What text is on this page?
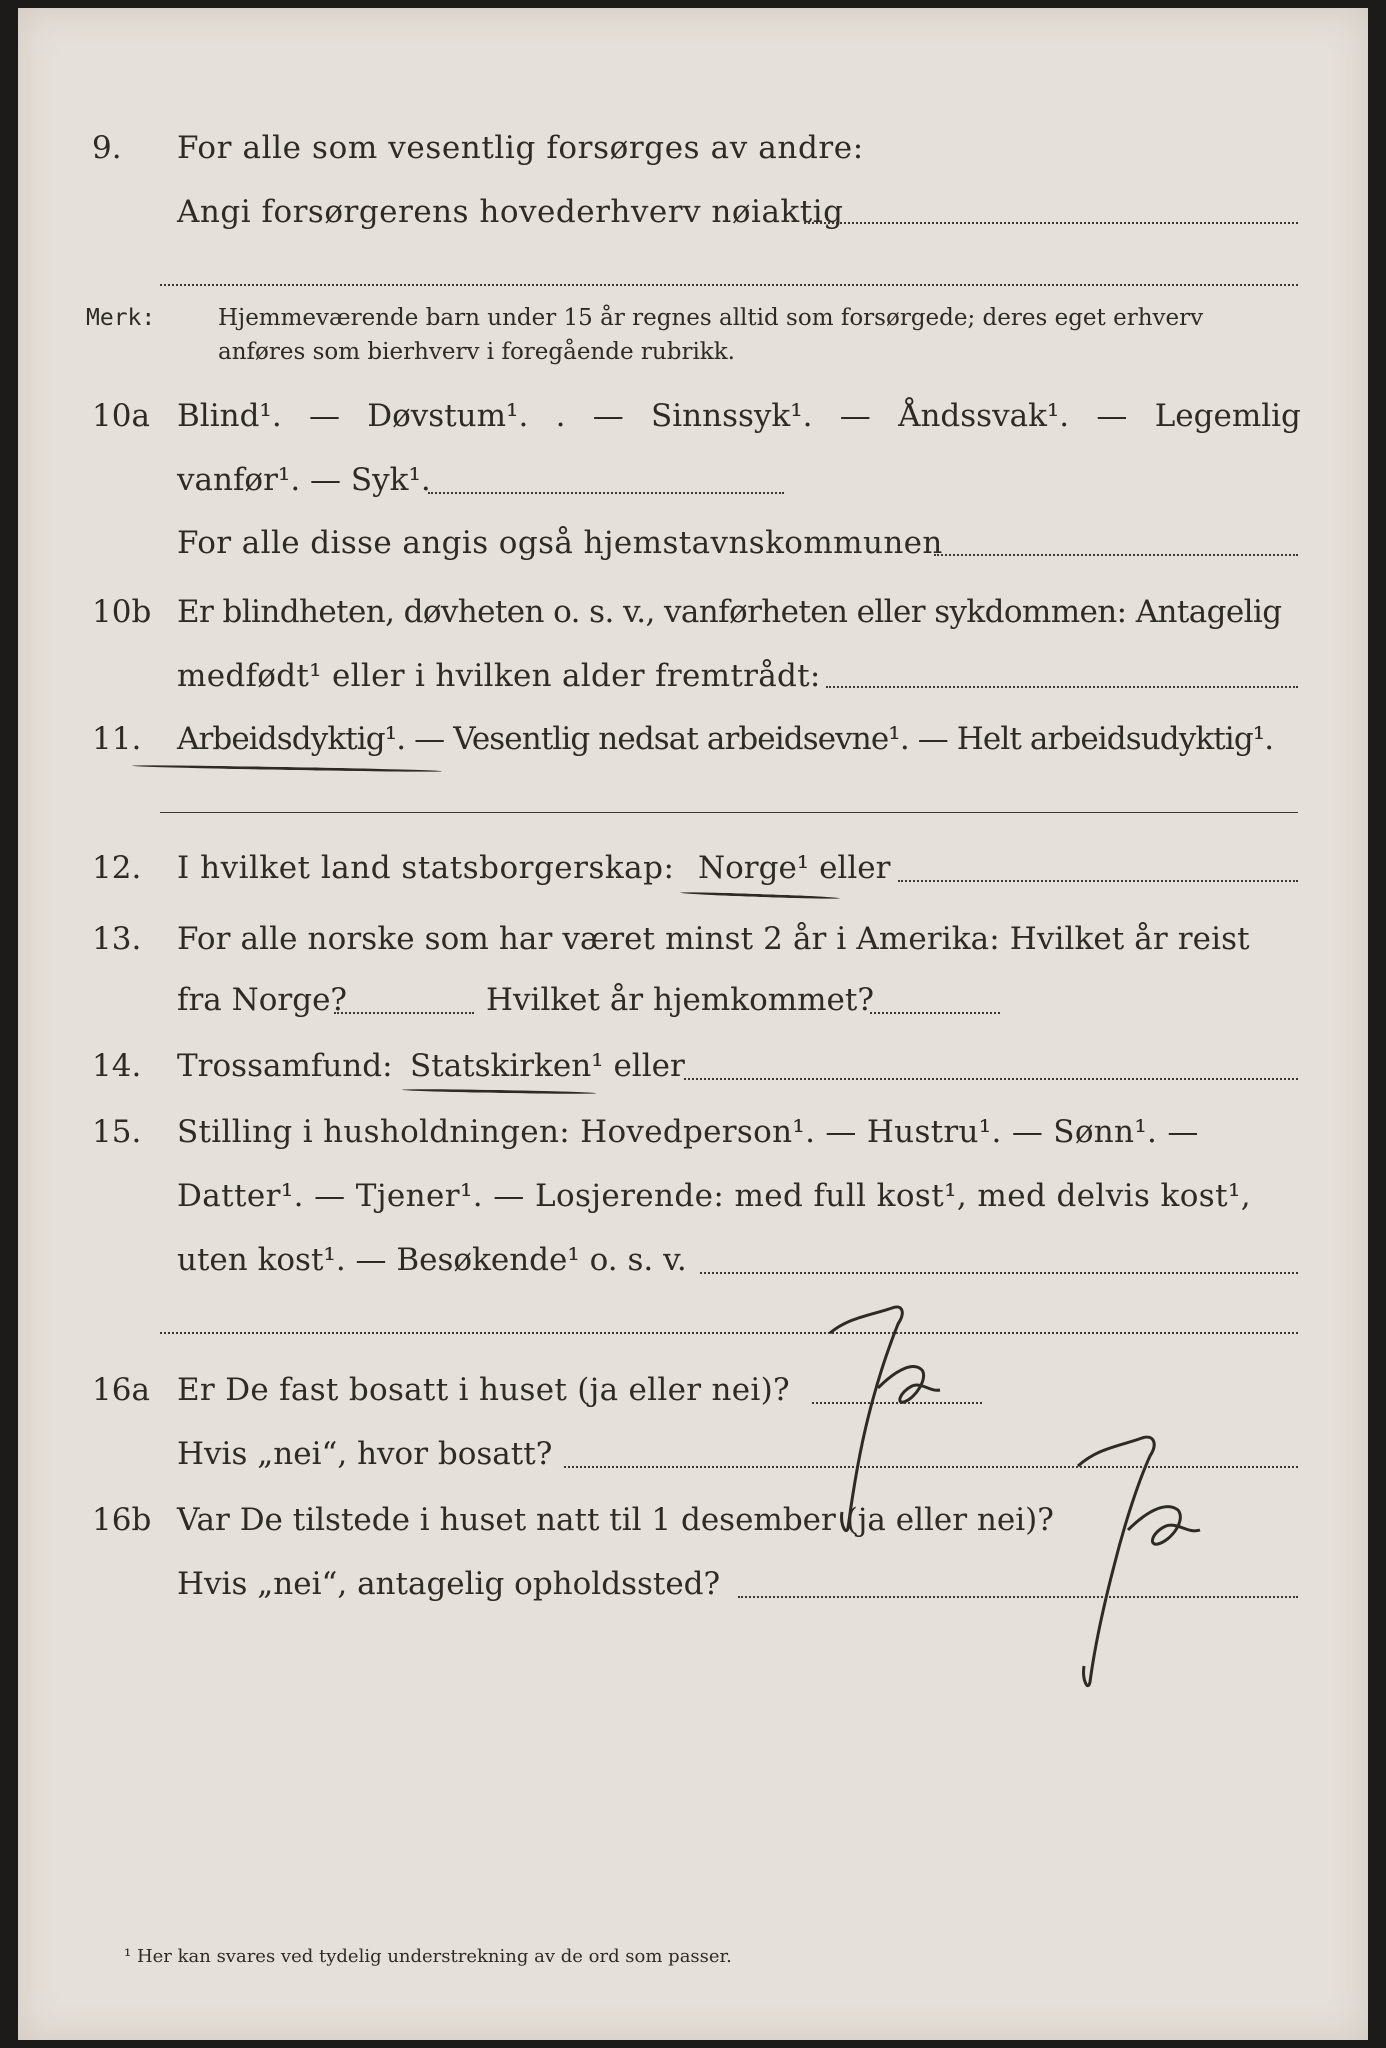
9. For alle som vesentlig forsørges av andre:
Angi forsørgerens hovederhverv nøiaktig
Merk:	Hjemmeværende barn under 15 år regnes alltid som forsørgede; deres eget erhverv
anføres som bierhverv i foregående rubrikk.
10a Blind¹. — Døvstum¹. . — Sinnssyk¹. — Åndssvak¹. — Legemlig
vanfør¹. — Syk¹.
For alle disse angis også hjemstavnskommunen
10b Er blindheten, døvheten o. s. v., vanførheten eller sykdommen: Antagelig
medfødt¹ eller i hvilken alder fremtrådt:
11. Arbeidsdyktig¹. — Vesentlig nedsat arbeidsevne¹. — Helt arbeidsudyktig¹.
12. I hvilket land statsborgerskap: Norge¹ eller
13. For alle norske som har været minst 2 år i Amerika: Hvilket år reist
fra Norge?	Hvilket år hjemkommet?
14. Trossamfund: Statskirken¹ eller
15. Stilling i husholdningen: Hovedperson¹. — Hustru¹. — Sønn¹. —
Datter¹. — Tjener¹. — Losjerende: med full kost¹, med delvis kost¹,
uten kost¹. — Besøkende¹ o. s. v.
16a Er De fast bosatt i huset (ja eller nei)?
Hvis „nei“, hvor bosatt?
16b Var De tilstede i huset natt til 1 desember (ja eller nei)?
Hvis „nei“, antagelig opholdssted?
¹ Her kan svares ved tydelig understrekning av de ord som passer.
